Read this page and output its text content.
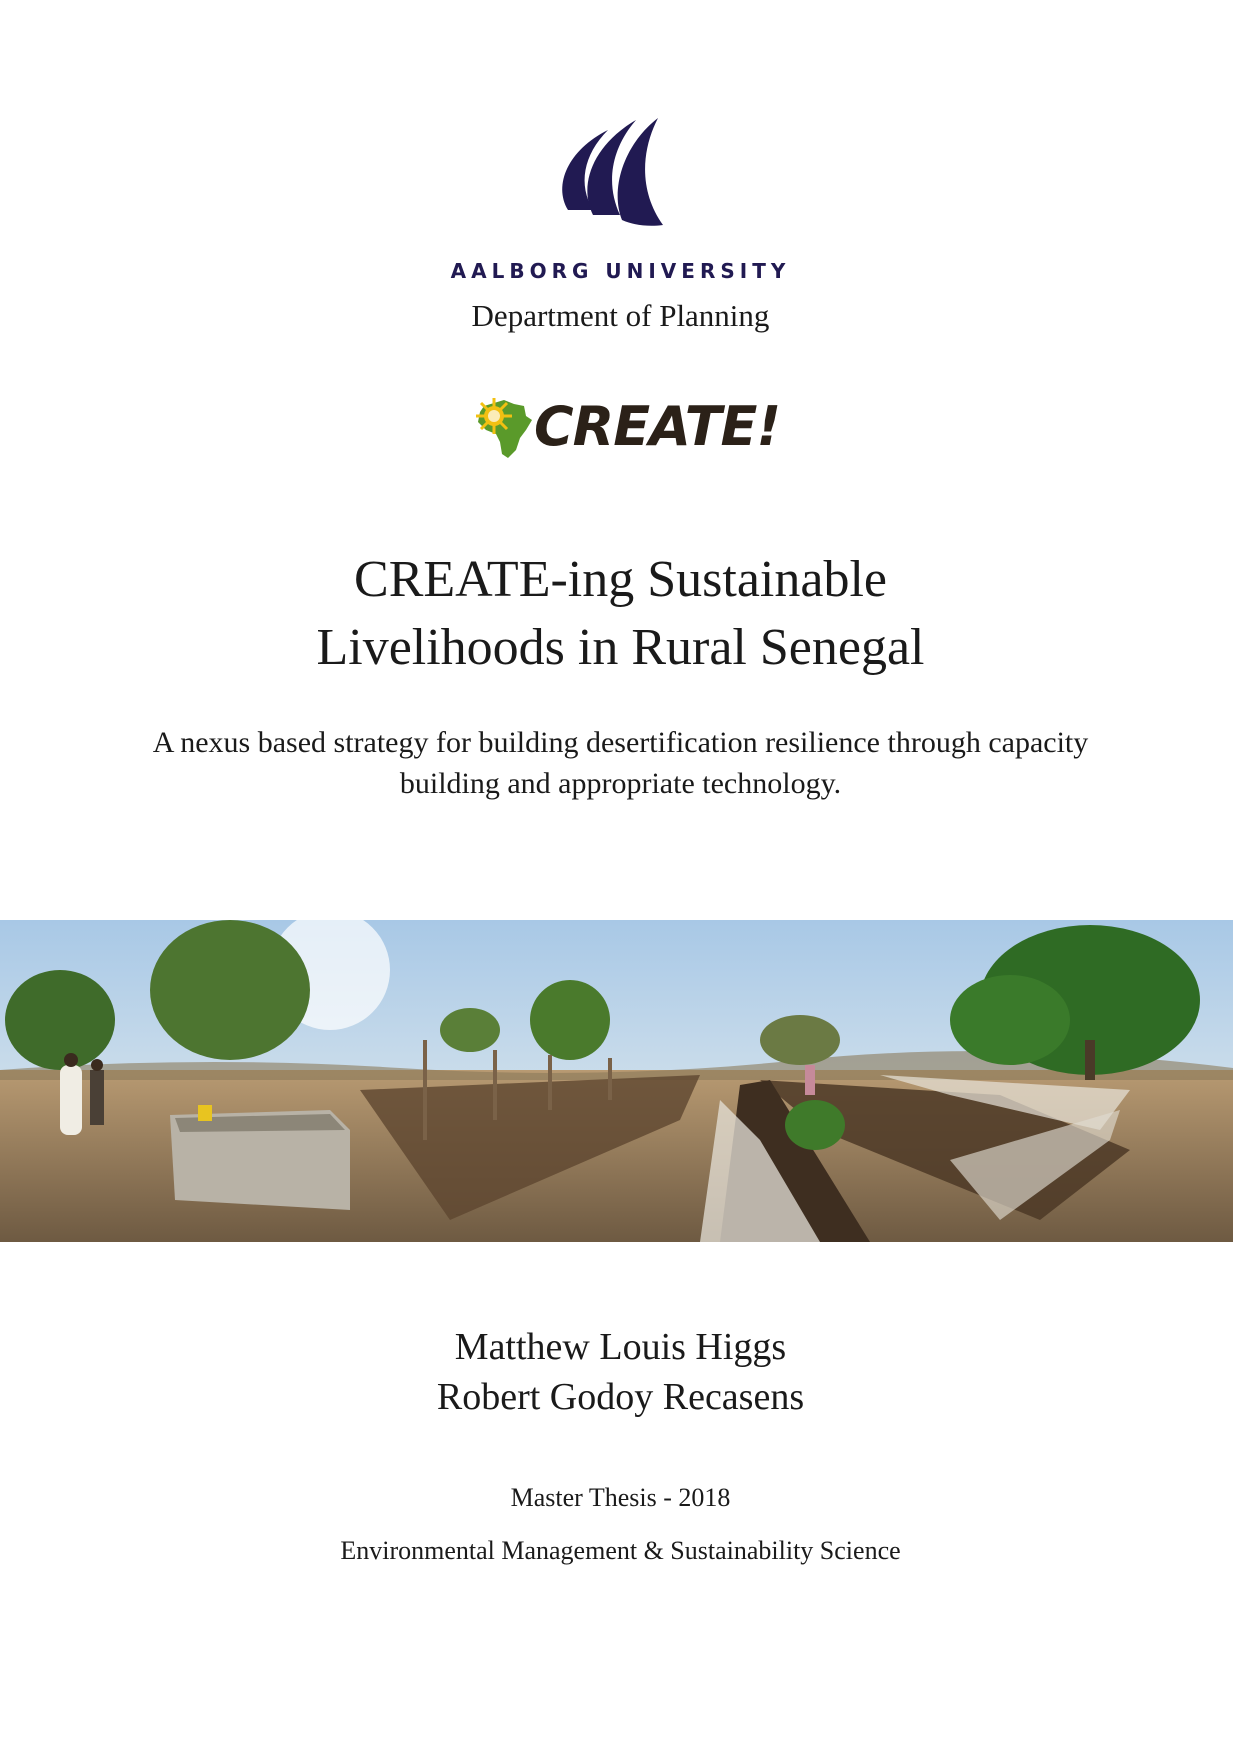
AALBORG UNIVERSITY
Department of Planning
CREATE!
CREATE-ing Sustainable
Livelihoods in Rural Senegal
A nexus based strategy for building desertification resilience through capacity building and appropriate technology.
Matthew Louis Higgs
Robert Godoy Recasens
Master Thesis - 2018
Environmental Management & Sustainability Science
